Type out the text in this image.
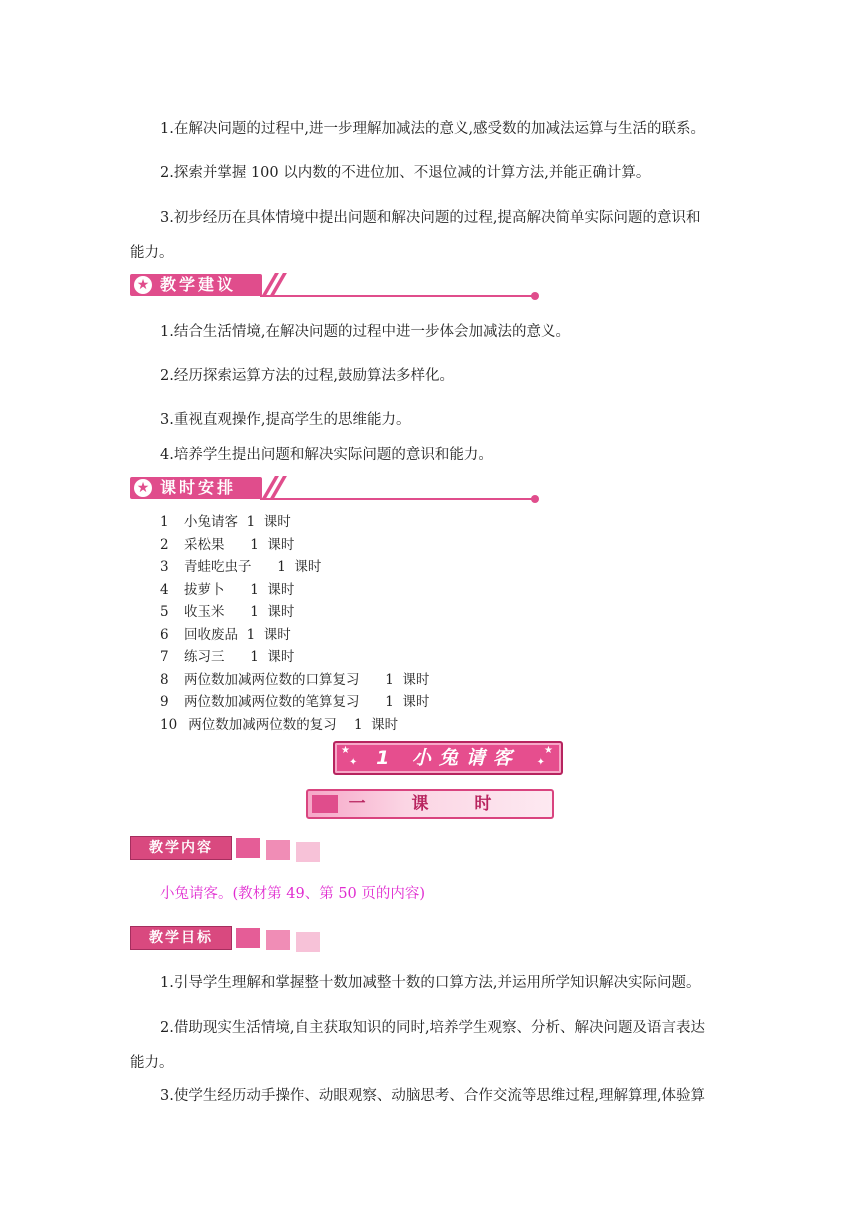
1.在解决问题的过程中,进一步理解加减法的意义,感受数的加减法运算与生活的联系。
2.探索并掌握 100 以内数的不进位加、不退位减的计算方法,并能正确计算。
3.初步经历在具体情境中提出问题和解决问题的过程,提高解决简单实际问题的意识和
能力。
★ 教学建议
1.结合生活情境,在解决问题的过程中进一步体会加减法的意义。
2.经历探索运算方法的过程,鼓励算法多样化。
3.重视直观操作,提高学生的思维能力。
4.培养学生提出问题和解决实际问题的意识和能力。
★ 课时安排
1 小兔请客  1  课时
2 采松果      1  课时
3 青蛙吃虫子      1  课时
4 拔萝卜      1  课时
5 收玉米      1  课时
6 回收废品  1  课时
7 练习三      1  课时
8 两位数加减两位数的口算复习      1  课时
9 两位数加减两位数的笔算复习      1  课时
10 两位数加减两位数的复习    1  课时
★
✦
★
✦
1 小兔请客
一 课 时
教学内容
小兔请客。(教材第 49、第 50 页的内容)
教学目标
1.引导学生理解和掌握整十数加减整十数的口算方法,并运用所学知识解决实际问题。
2.借助现实生活情境,自主获取知识的同时,培养学生观察、分析、解决问题及语言表达
能力。
3.使学生经历动手操作、动眼观察、动脑思考、合作交流等思维过程,理解算理,体验算
